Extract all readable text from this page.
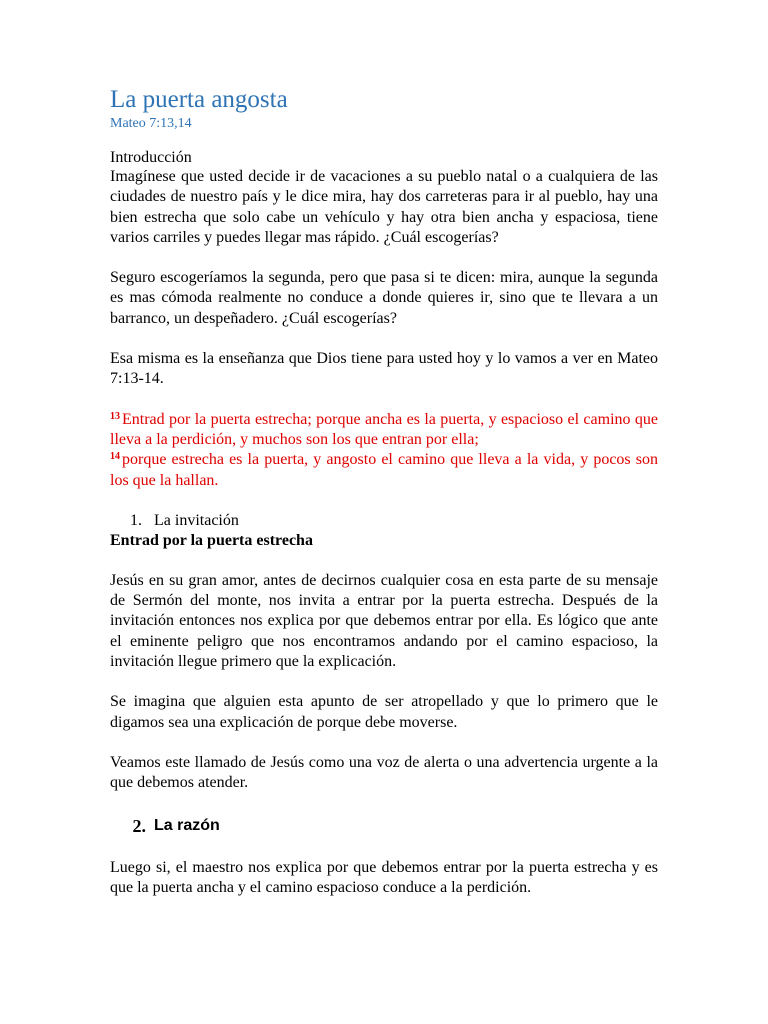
La puerta angosta
Mateo 7:13,14
Introducción

Imagínese que usted decide ir de vacaciones a su pueblo natal o a cualquiera de las ciudades de nuestro país y le dice mira, hay dos carreteras para ir al pueblo, hay una bien estrecha que solo cabe un vehículo y hay otra bien ancha y espaciosa, tiene varios carriles y puedes llegar mas rápido. ¿Cuál escogerías?

Seguro escogeríamos la segunda, pero que pasa si te dicen: mira, aunque la segunda es mas cómoda realmente no conduce a donde quieres ir, sino que te llevara a un barranco, un despeñadero. ¿Cuál escogerías?

Esa misma es la enseñanza que Dios tiene para usted hoy y lo vamos a ver en Mateo 7:13-14.

$^{13}$ Entrad por la puerta estrecha; porque ancha es la puerta, y espacioso el camino que lleva a la perdición, y muchos son los que entran por ella;

$^{14}$ porque estrecha es la puerta, y angosto el camino que lleva a la vida, y pocos son los que la hallan.

1. La invitación
Entrad por la puerta estrecha

Jesús en su gran amor, antes de decirnos cualquier cosa en esta parte de su mensaje de Sermón del monte, nos invita a entrar por la puerta estrecha. Después de la invitación entonces nos explica por que debemos entrar por ella. Es lógico que ante el eminente peligro que nos encontramos andando por el camino espacioso, la invitación llegue primero que la explicación.

Se imagina que alguien esta apunto de ser atropellado y que lo primero que le digamos sea una explicación de porque debe moverse.

Veamos este llamado de Jesús como una voz de alerta o una advertencia urgente a la que debemos atender.

2. La razón

Luego si, el maestro nos explica por que debemos entrar por la puerta estrecha y es que la puerta ancha y el camino espacioso conduce a la perdición.
